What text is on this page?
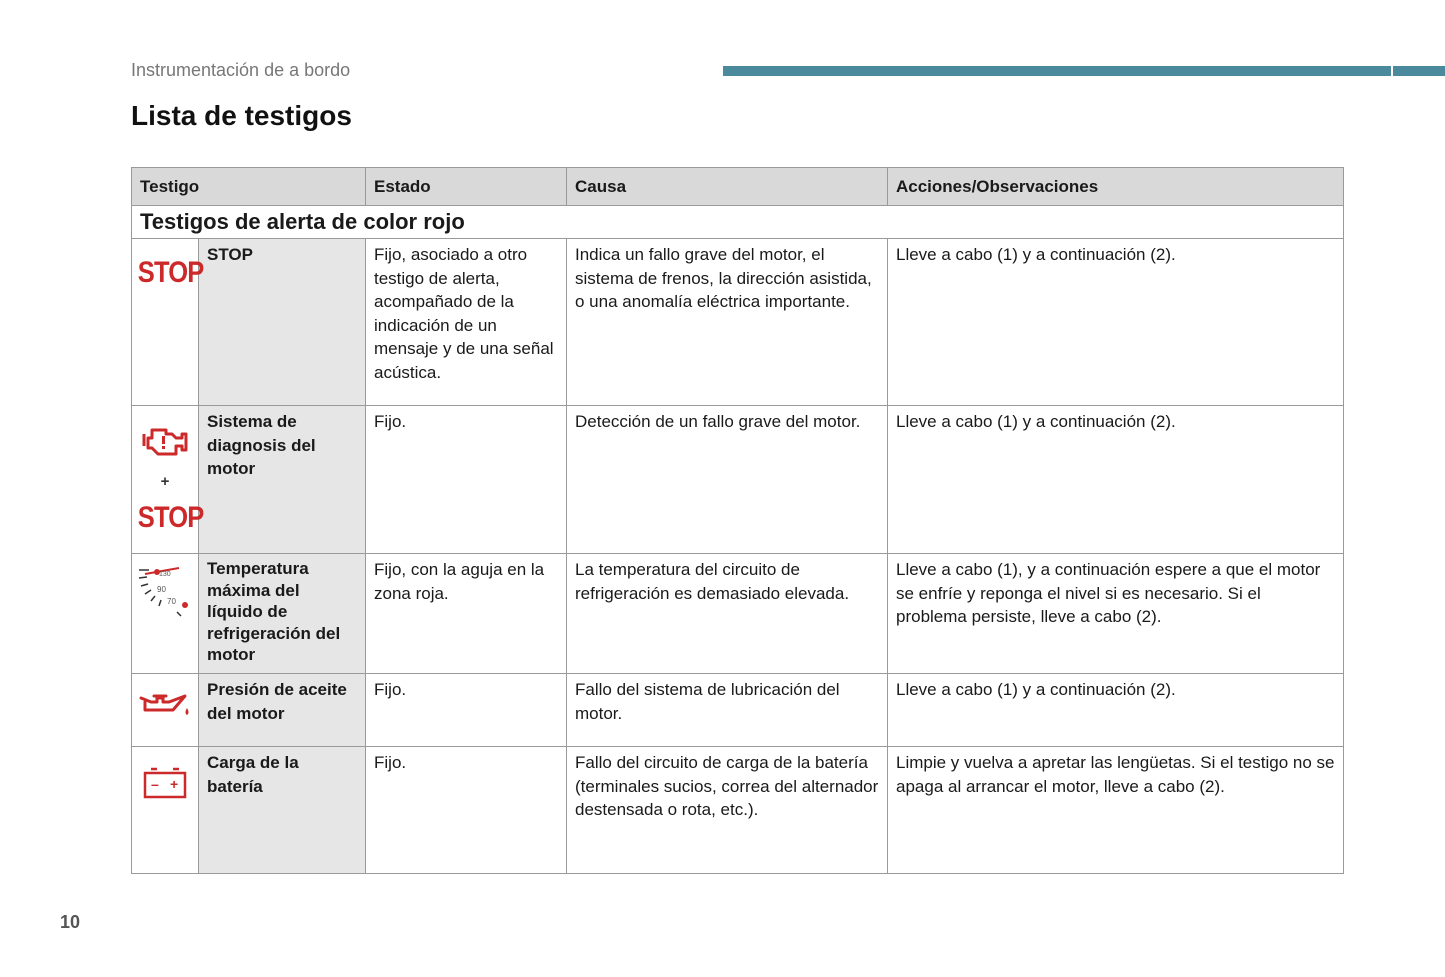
Instrumentación de a bordo
Lista de testigos
Testigo		Estado	Causa	Acciones/Observaciones
Testigos de alerta de color rojo				
STOP	STOP	Fijo, asociado a otro testigo de alerta, acompañado de la indicación de un mensaje y de una señal acústica.	Indica un fallo grave del motor, el sistema de frenos, la dirección asistida, o una anomalía eléctrica importante.	Lleve a cabo (1) y a continuación (2).

+
STOP	Sistema de diagnosis del motor	Fijo.	Detección de un fallo grave del motor.	Lleve a cabo (1) y a continuación (2).

130
90
70	Temperatura máxima del líquido de refrigeración del motor	Fijo, con la aguja en la zona roja.	La temperatura del circuito de refrigeración es demasiado elevada.	Lleve a cabo (1), y a continuación espere a que el motor se enfríe y reponga el nivel si es necesario. Si el problema persiste, lleve a cabo (2).

	Presión de aceite del motor	Fijo.	Fallo del sistema de lubricación del motor.	Lleve a cabo (1) y a continuación (2).

– +	Carga de la batería	Fijo.	Fallo del circuito de carga de la batería (terminales sucios, correa del alternador destensada o rota, etc.).	Limpie y vuelva a apretar las lengüetas. Si el testigo no se apaga al arrancar el motor, lleve a cabo (2).
10
